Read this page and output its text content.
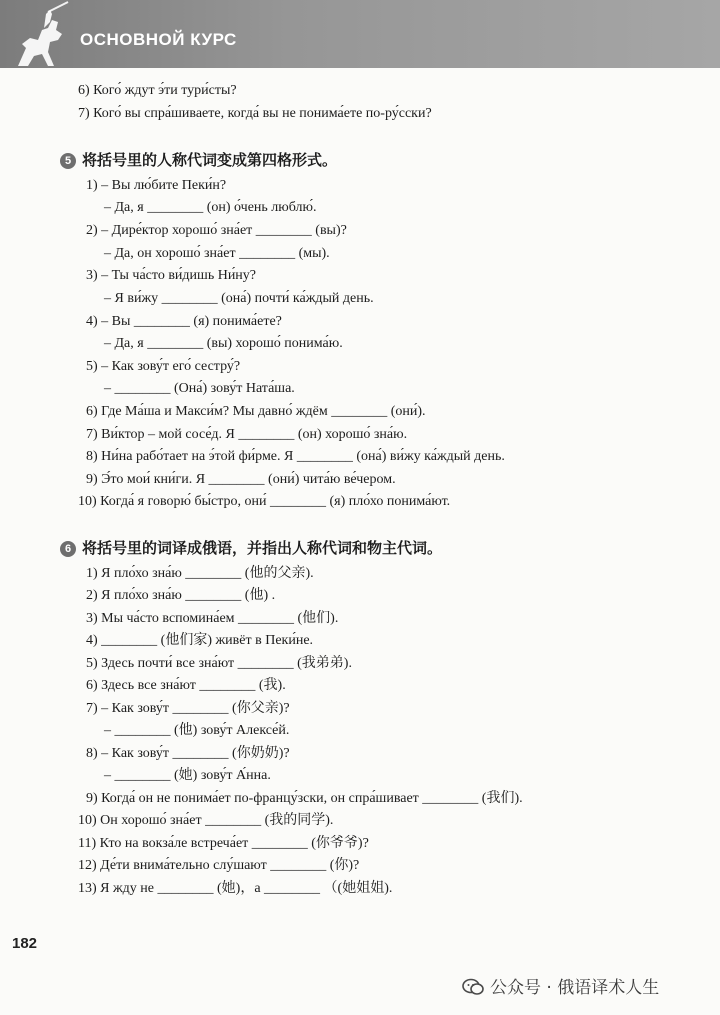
ОСНОВНОЙ КУРС
6) Кого́ ждут э́ти тури́сты?
7) Кого́ вы спра́шиваете, когда́ вы не понима́ете по-ру́сски?
5 将括号里的人称代词变成第四格形式。
1) – Вы лю́бите Пеки́н?
– Да, я ________ (он) о́чень люблю́.
2) – Дире́ктор хорошо́ зна́ет ________ (вы)?
– Да, он хорошо́ зна́ет ________ (мы).
3) – Ты ча́сто ви́дишь Ни́ну?
– Я ви́жу ________ (она́) почти́ ка́ждый день.
4) – Вы ________ (я) понима́ете?
– Да, я ________ (вы) хорошо́ понима́ю.
5) – Как зову́т его́ сестру́?
– ________ (Она́) зову́т Ната́ша.
6) Где Ма́ша и Макси́м? Мы давно́ ждём ________ (они́).
7) Ви́ктор – мой сосе́д. Я ________ (он) хорошо́ зна́ю.
8) Ни́на рабо́тает на э́той фи́рме. Я ________ (она́) ви́жу ка́ждый день.
9) Э́то мои́ кни́ги. Я ________ (они́) чита́ю ве́чером.
10) Когда́ я говорю́ бы́стро, они́ ________ (я) пло́хо понима́ют.
6 将括号里的词译成俄语，并指出人称代词和物主代词。
1) Я пло́хо зна́ю ________ (他的父亲).
2) Я пло́хо зна́ю ________ (他) .
3) Мы ча́сто вспомина́ем ________ (他们).
4) ________ (他们家) живёт в Пеки́не.
5) Здесь почти́ все зна́ют ________ (我弟弟).
6) Здесь все зна́ют ________ (我).
7) – Как зову́т ________ (你父亲)?
– ________ (他) зову́т Алексе́й.
8) – Как зову́т ________ (你奶奶)?
– ________ (她) зову́т А́нна.
9) Когда́ он не понима́ет по-францу́зски, он спра́шивает ________ (我们).
10) Он хорошо́ зна́ет ________ (我的同学).
11) Кто на вокза́ле встреча́ет ________ (你爷爷)?
12) Де́ти внима́тельно слу́шают ________ (你)?
13) Я жду не ________ (她)，а ________ （(她姐姐).
182
公众号 · 俄语译术人生
